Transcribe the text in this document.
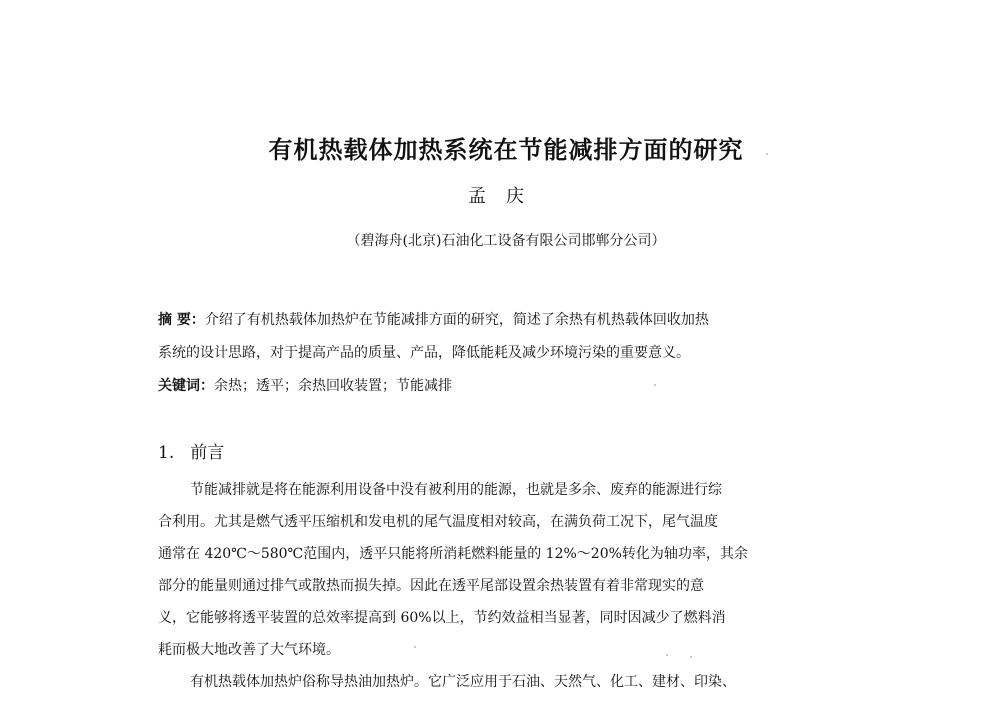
有机热载体加热系统在节能减排方面的研究
孟庆
（碧海舟(北京)石油化工设备有限公司邯郸分公司）
摘 要：介绍了有机热载体加热炉在节能减排方面的研究，简述了余热有机热载体回收加热
系统的设计思路，对于提高产品的质量、产品，降低能耗及减少环境污染的重要意义。
关键词：余热；透平；余热回收装置；节能减排
1. 前言
节能减排就是将在能源利用设备中没有被利用的能源，也就是多余、废弃的能源进行综
合利用。尤其是燃气透平压缩机和发电机的尾气温度相对较高，在满负荷工况下，尾气温度
通常在 420℃～580℃范围内，透平只能将所消耗燃料能量的 12%～20%转化为轴功率，其余
部分的能量则通过排气或散热而损失掉。因此在透平尾部设置余热装置有着非常现实的意
义，它能够将透平装置的总效率提高到 60%以上，节约效益相当显著，同时因减少了燃料消
耗而极大地改善了大气环境。
有机热载体加热炉俗称导热油加热炉。它广泛应用于石油、天然气、化工、建材、印染、
